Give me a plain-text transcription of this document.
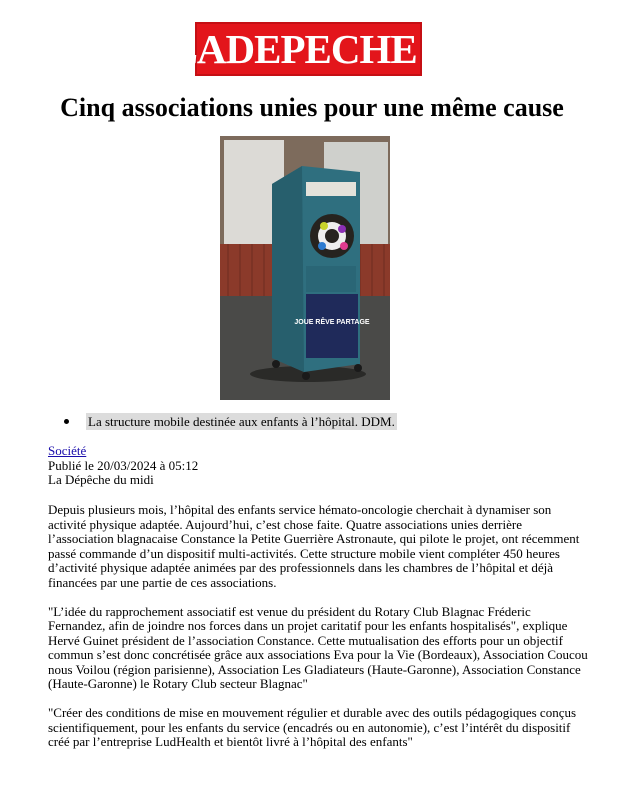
LADEPECHE fr
Cinq associations unies pour une même cause
JOUE RÊVE PARTAGE
La structure mobile destinée aux enfants à l’hôpital. DDM.
Société
Publié le 20/03/2024 à 05:12
La Dépêche du midi

Depuis plusieurs mois, l’hôpital des enfants service hémato-oncologie cherchait à dynamiser son activité physique adaptée. Aujourd’hui, c’est chose faite. Quatre associations unies derrière l’association blagnacaise Constance la Petite Guerrière Astronaute, qui pilote le projet, ont récemment passé commande d’un dispositif multi-activités. Cette structure mobile vient compléter 450 heures d’activité physique adaptée animées par des professionnels dans les chambres de l’hôpital et déjà financées par une partie de ces associations.

"L’idée du rapprochement associatif est venue du président du Rotary Club Blagnac Fréderic Fernandez, afin de joindre nos forces dans un projet caritatif pour les enfants hospitalisés", explique Hervé Guinet président de l’association Constance. Cette mutualisation des efforts pour un objectif commun s’est donc concrétisée grâce aux associations Eva pour la Vie (Bordeaux), Association Coucou nous Voilou (région parisienne), Association Les Gladiateurs (Haute-Garonne), Association Constance (Haute-Garonne) le Rotary Club secteur Blagnac"

"Créer des conditions de mise en mouvement régulier et durable avec des outils pédagogiques conçus scientifiquement, pour les enfants du service (encadrés ou en autonomie), c’est l’intérêt du dispositif créé par l’entreprise LudHealth et bientôt livré à l’hôpital des enfants"
